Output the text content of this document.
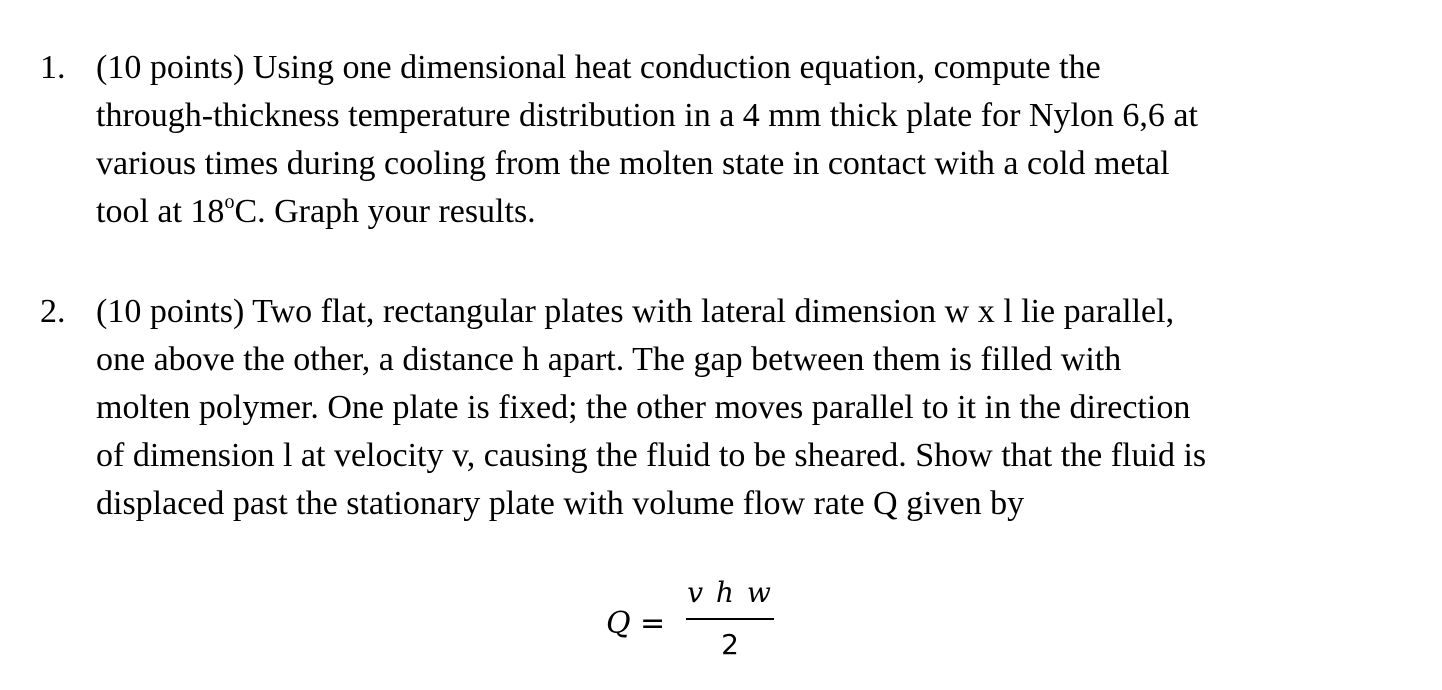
1. (10 points) Using one dimensional heat conduction equation, compute the
through-thickness temperature distribution in a 4 mm thick plate for Nylon 6,6 at
various times during cooling from the molten state in contact with a cold metal
tool at 18$^o$C. Graph your results.
2. (10 points) Two flat, rectangular plates with lateral dimension w x l lie parallel,
one above the other, a distance h apart. The gap between them is filled with
molten polymer. One plate is fixed; the other moves parallel to it in the direction
of dimension l at velocity v, causing the fluid to be sheared. Show that the fluid is
displaced past the stationary plate with volume flow rate Q given by
Q =
v h w
2
